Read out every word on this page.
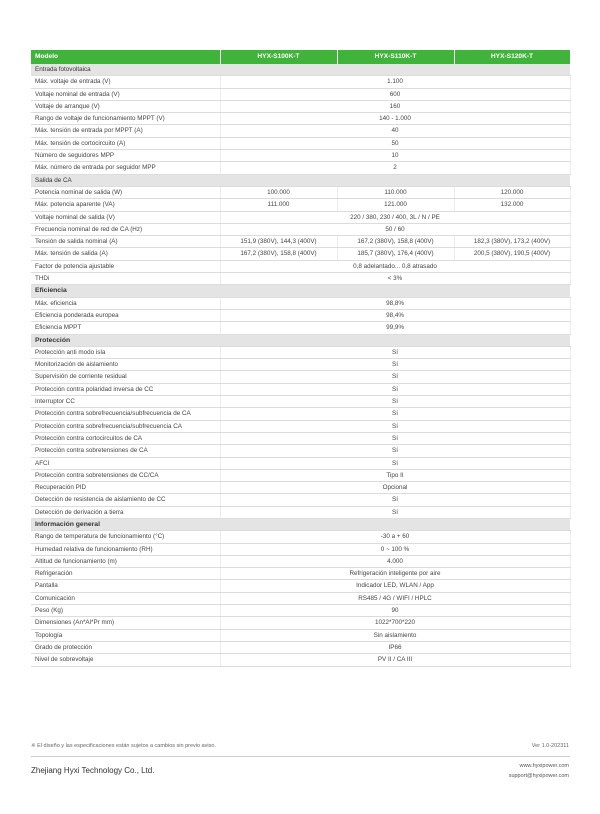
Modelo	HYX-S100K-T	HYX-S110K-T	HYX-S120K-T
Entrada fotovoltaica			
Máx. voltaje de entrada (V)	1.100		
Voltaje nominal de entrada (V)	600		
Voltaje de arranque (V)	160		
Rango de voltaje de funcionamiento MPPT (V)	140 - 1.000		
Máx. tensión de entrada por MPPT (A)	40		
Máx. tensión de cortocircuito (A)	50		
Número de seguidores MPP	10		
Máx. número de entrada por seguidor MPP	2		
Salida de CA			
Potencia nominal de salida (W)	100.000	110.000	120.000
Máx. potencia aparente (VA)	111.000	121.000	132.000
Voltaje nominal de salida (V)	220 / 380, 230 / 400, 3L / N / PE		
Frecuencia nominal de red de CA (Hz)	50 / 60		
Tensión de salida nominal (A)	151,9 (380V), 144,3 (400V)	167,2 (380V), 158,8 (400V)	182,3 (380V), 173,2 (400V)
Máx. tensión de salida (A)	167,2 (380V), 158,8 (400V)	185,7 (380V), 176,4 (400V)	200,5 (380V), 190,5 (400V)
Factor de potencia ajustable	0,8 adelantado... 0,8 atrasado		
THDi	< 3%		
Eficiencia			
Máx. eficiencia	98,8%		
Eficiencia ponderada europea	98,4%		
Eficiencia MPPT	99,9%		
Protección			
Protección anti modo isla	Sí		
Monitorización de aislamiento	Sí		
Supervisión de corriente residual	Sí		
Protección contra polaridad inversa de CC	Sí		
Interruptor CC	Sí		
Protección contra sobrefrecuencia/subfrecuencia de CA	Sí		
Protección contra sobrefrecuencia/subfrecuencia CA	Sí		
Protección contra cortocircuitos de CA	Sí		
Protección contra sobretensiones de CA	Sí		
AFCI	Sí		
Protección contra sobretensiones de CC/CA	Tipo II		
Recuperación PID	Opcional		
Detección de resistencia de aislamiento de CC	Sí		
Detección de derivación a tierra	Sí		
Información general			
Rango de temperatura de funcionamiento (°C)	-30 a + 60		
Humedad relativa de funcionamiento (RH)	0 ~ 100 %		
Altitud de funcionamiento (m)	4.000		
Refrigeración	Refrigeración inteligente por aire		
Pantalla	Indicador LED, WLAN / App		
Comunicación	RS485 / 4G / WIFI / HPLC		
Peso (Kg)	90		
Dimensiones (An*Al*Pr mm)	1022*700*220		
Topología	Sin aislamiento		
Grado de protección	IP66		
Nivel de sobrevoltaje	PV II / CA III		
※ El diseño y las especificaciones están sujetos a cambios sin previo aviso.	Ver 1.0-202311
Zhejiang Hyxi Technology Co., Ltd.	www.hyxipower.com
support@hyxipower.com
